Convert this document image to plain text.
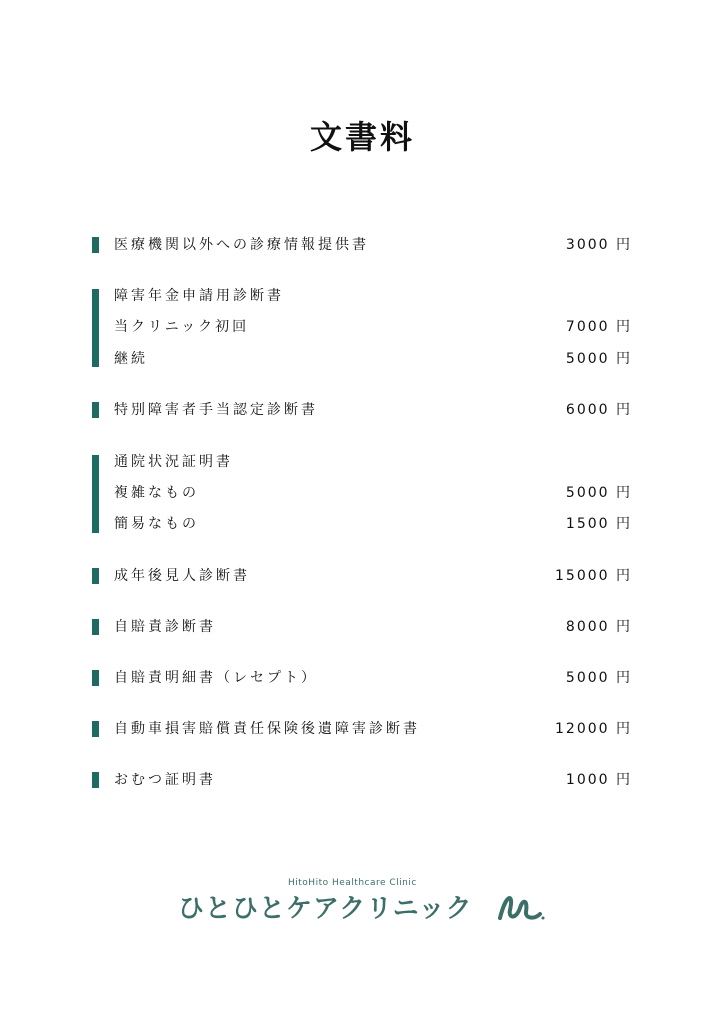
文書料
医療機関以外への診療情報提供書	3000 円
障害年金申請用診断書
当クリニック初回	7000 円
継続	5000 円
特別障害者手当認定診断書	6000 円
通院状況証明書
複雑なもの	5000 円
簡易なもの	1500 円
成年後見人診断書	15000 円
自賠責診断書	8000 円
自賠責明細書（レセプト）	5000 円
自動車損害賠償責任保険後遺障害診断書	12000 円
おむつ証明書	1000 円
HitoHito Healthcare Clinic
ひとひとケアクリニック
